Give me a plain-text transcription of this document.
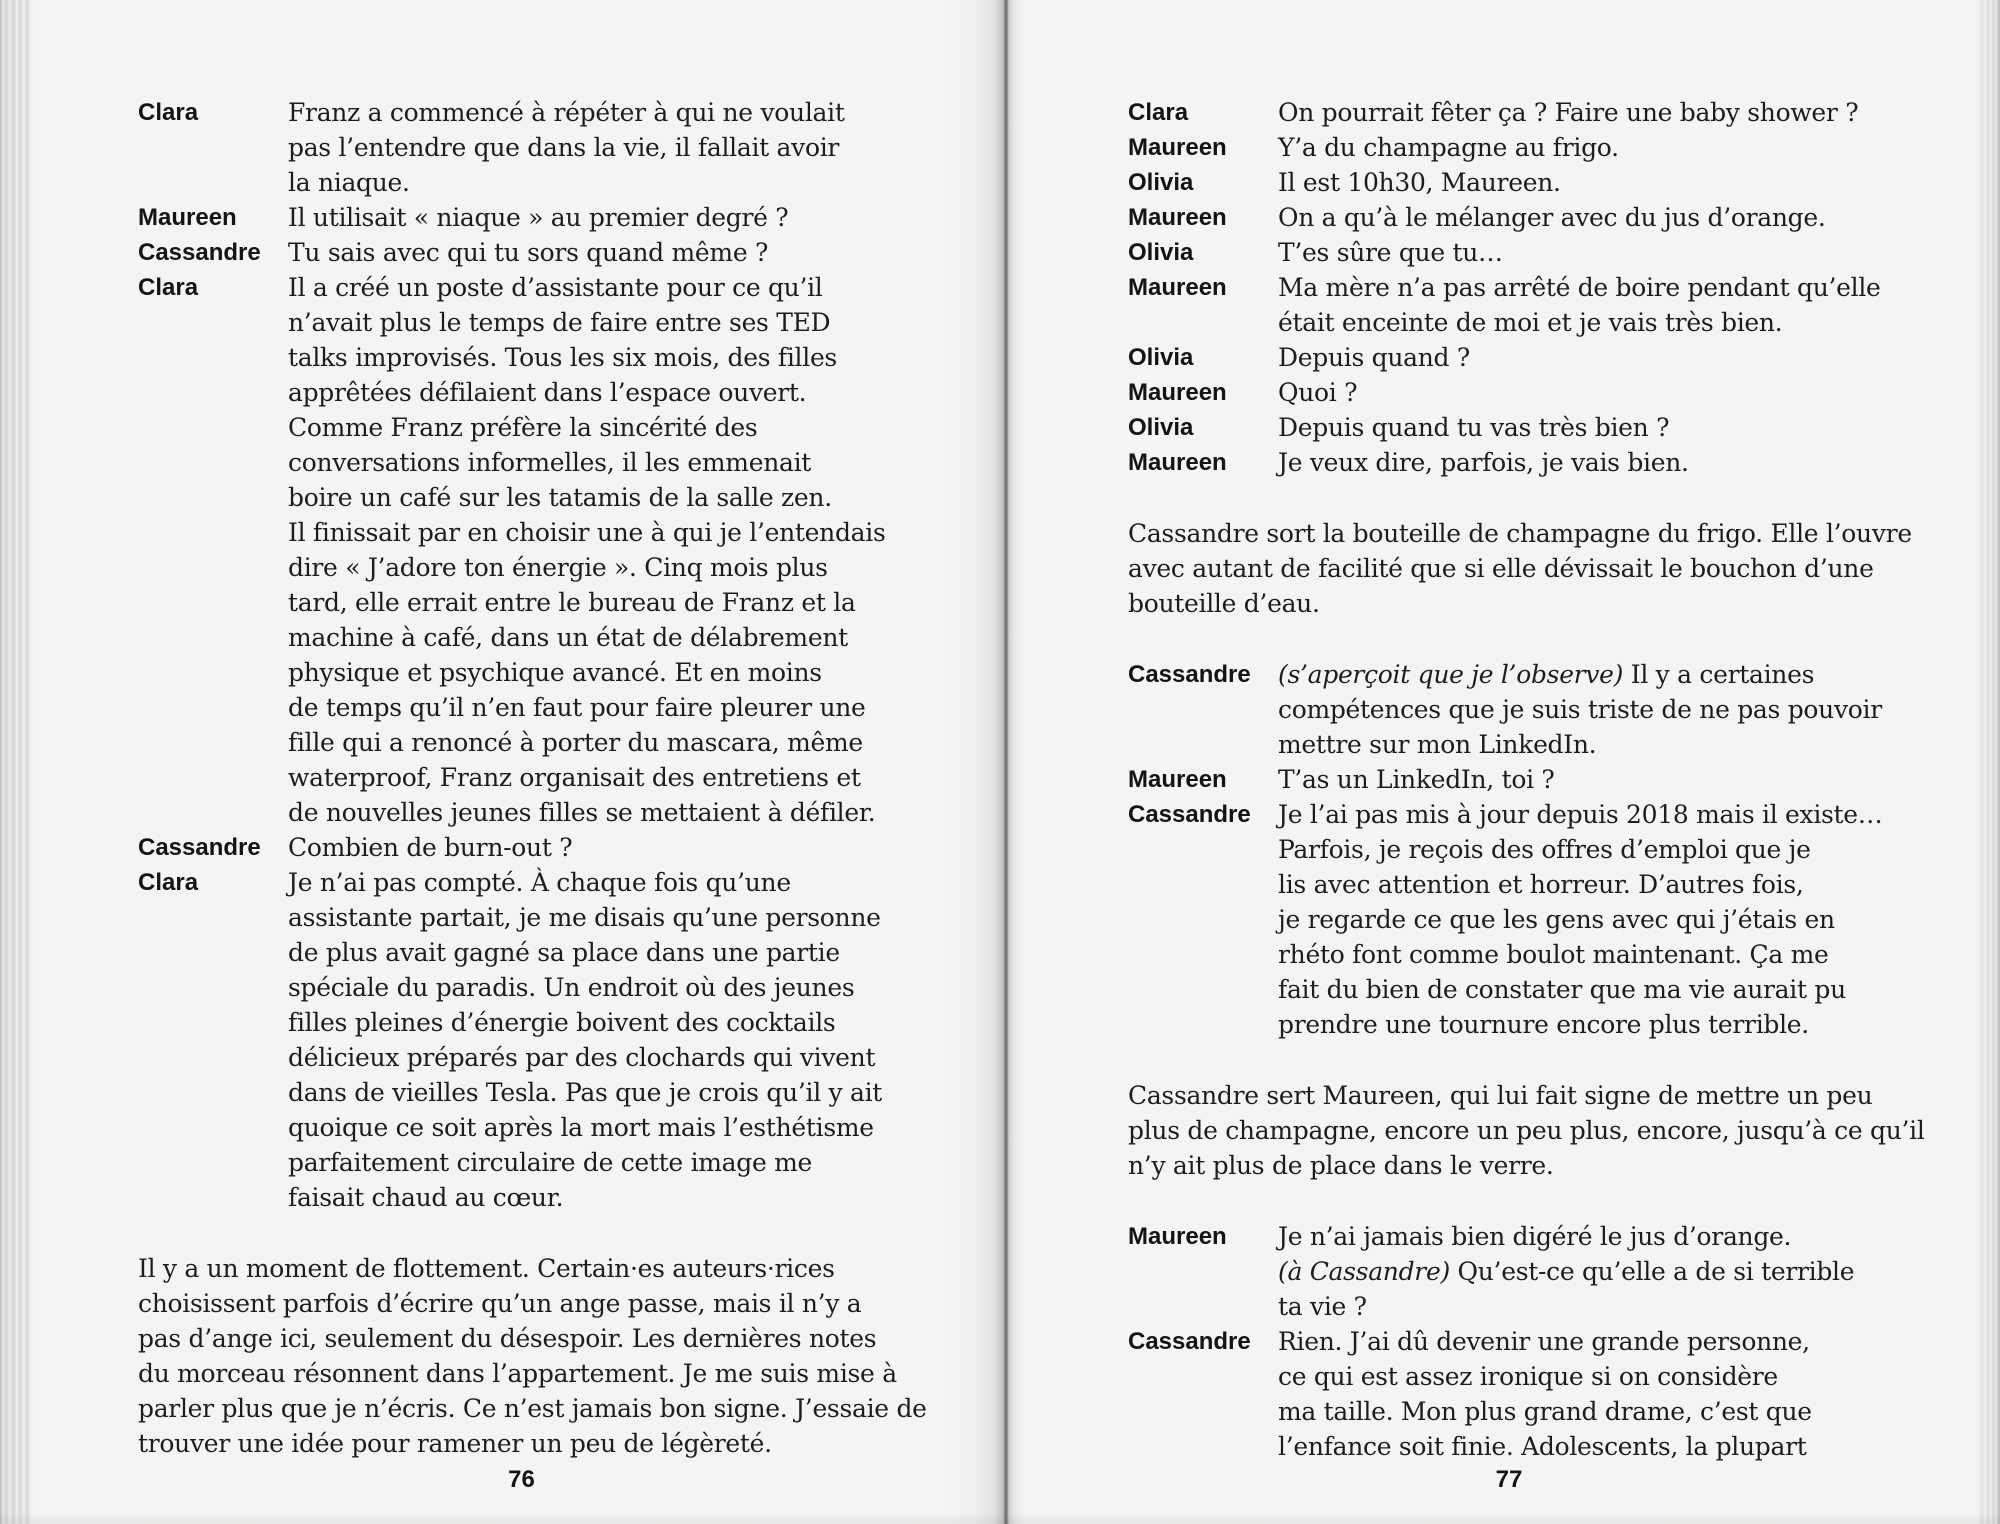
Clara	Franz a commencé à répéter à qui ne voulait
pas l’entendre que dans la vie, il fallait avoir
la niaque.
Maureen Il utilisait « niaque » au premier degré ?
Cassandre Tu sais avec qui tu sors quand même ?
Clara	Il a créé un poste d’assistante pour ce qu’il
n’avait plus le temps de faire entre ses TED
talks improvisés. Tous les six mois, des filles
apprêtées défilaient dans l’espace ouvert.
Comme Franz préfère la sincérité des
conversations informelles, il les emmenait
boire un café sur les tatamis de la salle zen.
Il finissait par en choisir une à qui je l’entendais
dire « J’adore ton énergie ». Cinq mois plus
tard, elle errait entre le bureau de Franz et la
machine à café, dans un état de délabrement
physique et psychique avancé. Et en moins
de temps qu’il n’en faut pour faire pleurer une
fille qui a renoncé à porter du mascara, même
waterproof, Franz organisait des entretiens et
de nouvelles jeunes filles se mettaient à défiler.
Cassandre Combien de burn-out ?
Clara	Je n’ai pas compté. À chaque fois qu’une
assistante partait, je me disais qu’une personne
de plus avait gagné sa place dans une partie
spéciale du paradis. Un endroit où des jeunes
filles pleines d’énergie boivent des cocktails
délicieux préparés par des clochards qui vivent
dans de vieilles Tesla. Pas que je crois qu’il y ait
quoique ce soit après la mort mais l’esthétisme
parfaitement circulaire de cette image me
faisait chaud au cœur.
Il y a un moment de flottement. Certain·es auteurs·rices
choisissent parfois d’écrire qu’un ange passe, mais il n’y a
pas d’ange ici, seulement du désespoir. Les dernières notes
du morceau résonnent dans l’appartement. Je me suis mise à
parler plus que je n’écris. Ce n’est jamais bon signe. J’essaie de
trouver une idée pour ramener un peu de légèreté.
76
Clara	On pourrait fêter ça ? Faire une baby shower ?
Maureen Y’a du champagne au frigo.
Olivia	Il est 10h30, Maureen.
Maureen On a qu’à le mélanger avec du jus d’orange.
Olivia	T’es sûre que tu…
Maureen Ma mère n’a pas arrêté de boire pendant qu’elle
était enceinte de moi et je vais très bien.
Olivia	Depuis quand ?
Maureen Quoi ?
Olivia	Depuis quand tu vas très bien ?
Maureen Je veux dire, parfois, je vais bien.
Cassandre sort la bouteille de champagne du frigo. Elle l’ouvre
avec autant de facilité que si elle dévissait le bouchon d’une
bouteille d’eau.
Cassandre (s’aperçoit que je l’observe) Il y a certaines
compétences que je suis triste de ne pas pouvoir
mettre sur mon LinkedIn.
Maureen T’as un LinkedIn, toi ?
Cassandre Je l’ai pas mis à jour depuis 2018 mais il existe…
Parfois, je reçois des offres d’emploi que je
lis avec attention et horreur. D’autres fois,
je regarde ce que les gens avec qui j’étais en
rhéto font comme boulot maintenant. Ça me
fait du bien de constater que ma vie aurait pu
prendre une tournure encore plus terrible.
Cassandre sert Maureen, qui lui fait signe de mettre un peu
plus de champagne, encore un peu plus, encore, jusqu’à ce qu’il
n’y ait plus de place dans le verre.
Maureen Je n’ai jamais bien digéré le jus d’orange.
(à Cassandre) Qu’est-ce qu’elle a de si terrible
ta vie ?
Cassandre Rien. J’ai dû devenir une grande personne,
ce qui est assez ironique si on considère
ma taille. Mon plus grand drame, c’est que
l’enfance soit finie. Adolescents, la plupart
77
